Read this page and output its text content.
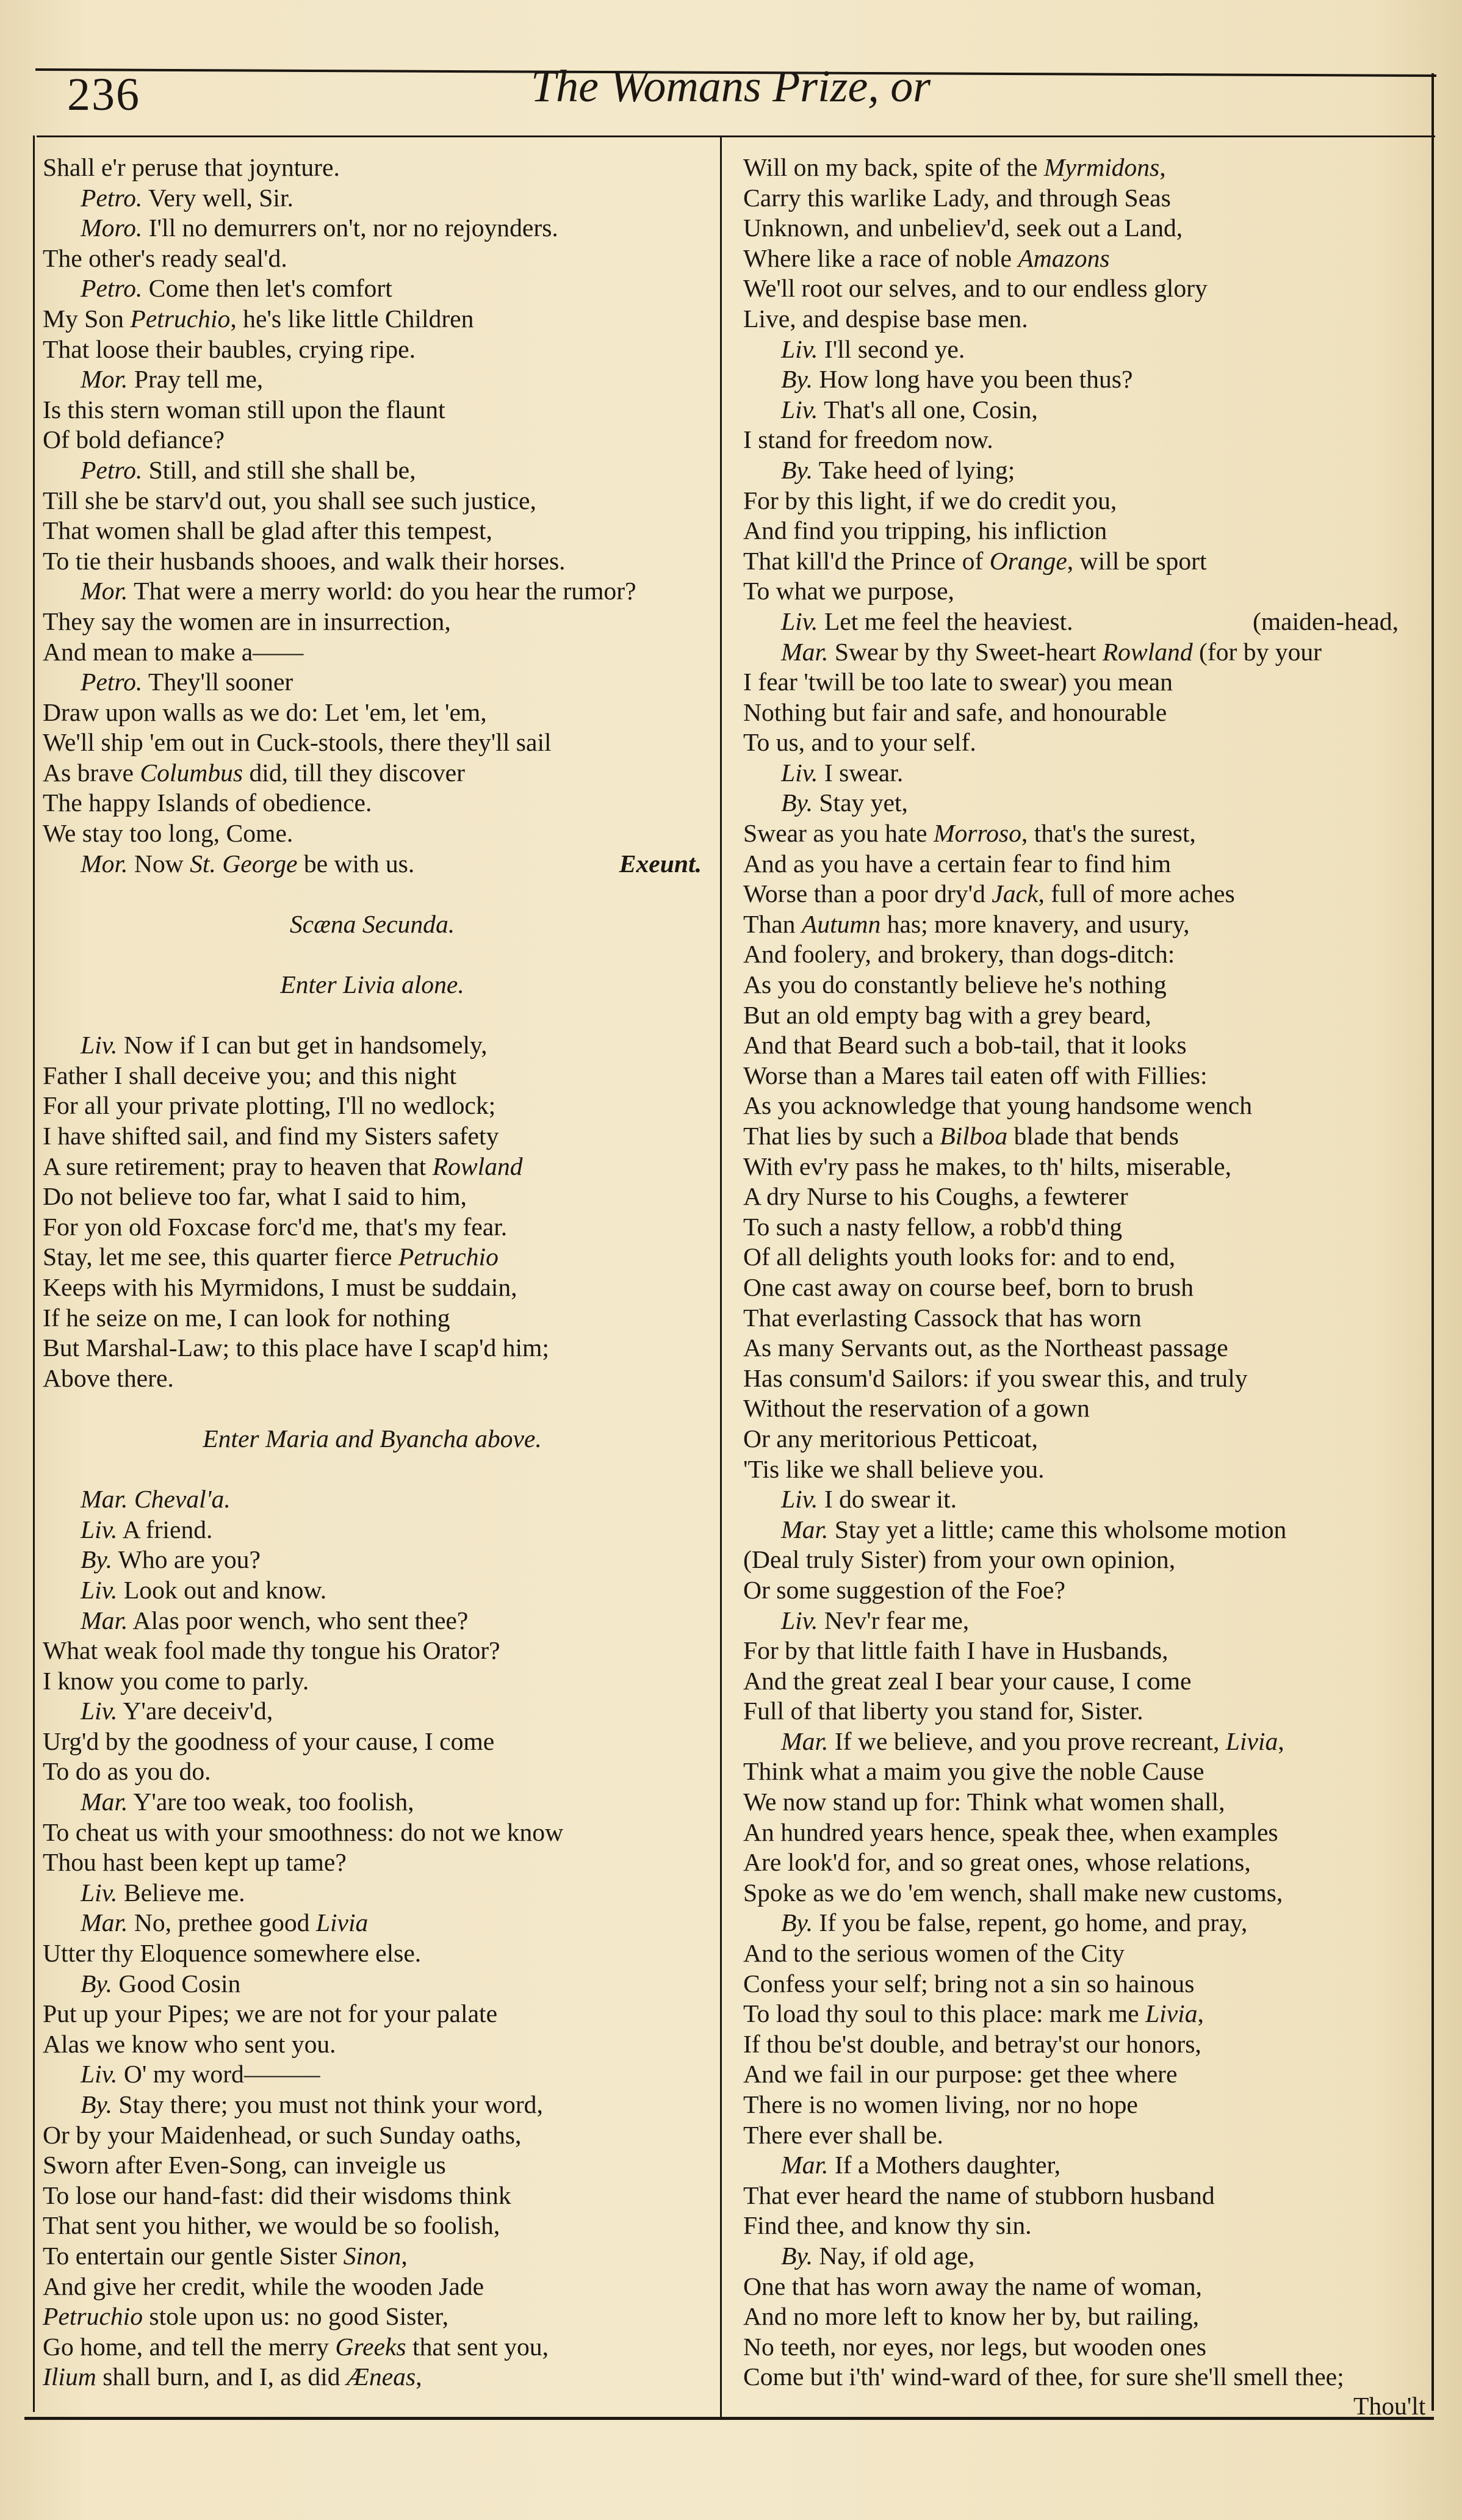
236	The Womans Prize, or
Shall e'r peruse that joynture.
Petro. Very well, Sir.
Moro. I'll no demurrers on't, nor no rejoynders.
The other's ready seal'd.
Petro. Come then let's comfort
My Son Petruchio, he's like little Children
That loose their baubles, crying ripe.
Mor. Pray tell me,
Is this stern woman still upon the flaunt
Of bold defiance?
Petro. Still, and still she shall be,
Till she be starv'd out, you shall see such justice,
That women shall be glad after this tempest,
To tie their husbands shooes, and walk their horses.
Mor. That were a merry world: do you hear the rumor?
They say the women are in insurrection,
And mean to make a——
Petro. They'll sooner
Draw upon walls as we do: Let 'em, let 'em,
We'll ship 'em out in Cuck-stools, there they'll sail
As brave Columbus did, till they discover
The happy Islands of obedience.
We stay too long, Come.
Mor. Now St. George be with us.	Exeunt.
Scæna Secunda.
Enter Livia alone.
Liv. Now if I can but get in handsomely,
Father I shall deceive you; and this night
For all your private plotting, I'll no wedlock;
I have shifted sail, and find my Sisters safety
A sure retirement; pray to heaven that Rowland
Do not believe too far, what I said to him,
For yon old Foxcase forc'd me, that's my fear.
Stay, let me see, this quarter fierce Petruchio
Keeps with his Myrmidons, I must be suddain,
If he seize on me, I can look for nothing
But Marshal-Law; to this place have I scap'd him;
Above there.
Enter Maria and Byancha above.
Mar. Cheval'a.
Liv. A friend.
By. Who are you?
Liv. Look out and know.
Mar. Alas poor wench, who sent thee?
What weak fool made thy tongue his Orator?
I know you come to parly.
Liv. Y'are deceiv'd,
Urg'd by the goodness of your cause, I come
To do as you do.
Mar. Y'are too weak, too foolish,
To cheat us with your smoothness: do not we know
Thou hast been kept up tame?
Liv. Believe me.
Mar. No, prethee good Livia
Utter thy Eloquence somewhere else.
By. Good Cosin
Put up your Pipes; we are not for your palate
Alas we know who sent you.
Liv. O' my word———
By. Stay there; you must not think your word,
Or by your Maidenhead, or such Sunday oaths,
Sworn after Even-Song, can inveigle us
To lose our hand-fast: did their wisdoms think
That sent you hither, we would be so foolish,
To entertain our gentle Sister Sinon,
And give her credit, while the wooden Jade
Petruchio stole upon us: no good Sister,
Go home, and tell the merry Greeks that sent you,
Ilium shall burn, and I, as did Æneas,
Will on my back, spite of the Myrmidons,
Carry this warlike Lady, and through Seas
Unknown, and unbeliev'd, seek out a Land,
Where like a race of noble Amazons
We'll root our selves, and to our endless glory
Live, and despise base men.
Liv. I'll second ye.
By. How long have you been thus?
Liv. That's all one, Cosin,
I stand for freedom now.
By. Take heed of lying;
For by this light, if we do credit you,
And find you tripping, his infliction
That kill'd the Prince of Orange, will be sport
To what we purpose,
Liv. Let me feel the heaviest.	(maiden-head,
Mar. Swear by thy Sweet-heart Rowland (for by your
I fear 'twill be too late to swear) you mean
Nothing but fair and safe, and honourable
To us, and to your self.
Liv. I swear.
By. Stay yet,
Swear as you hate Morroso, that's the surest,
And as you have a certain fear to find him
Worse than a poor dry'd Jack, full of more aches
Than Autumn has; more knavery, and usury,
And foolery, and brokery, than dogs-ditch:
As you do constantly believe he's nothing
But an old empty bag with a grey beard,
And that Beard such a bob-tail, that it looks
Worse than a Mares tail eaten off with Fillies:
As you acknowledge that young handsome wench
That lies by such a Bilboa blade that bends
With ev'ry pass he makes, to th' hilts, miserable,
A dry Nurse to his Coughs, a fewterer
To such a nasty fellow, a robb'd thing
Of all delights youth looks for: and to end,
One cast away on course beef, born to brush
That everlasting Cassock that has worn
As many Servants out, as the Northeast passage
Has consum'd Sailors: if you swear this, and truly
Without the reservation of a gown
Or any meritorious Petticoat,
'Tis like we shall believe you.
Liv. I do swear it.
Mar. Stay yet a little; came this wholsome motion
(Deal truly Sister) from your own opinion,
Or some suggestion of the Foe?
Liv. Nev'r fear me,
For by that little faith I have in Husbands,
And the great zeal I bear your cause, I come
Full of that liberty you stand for, Sister.
Mar. If we believe, and you prove recreant, Livia,
Think what a maim you give the noble Cause
We now stand up for: Think what women shall,
An hundred years hence, speak thee, when examples
Are look'd for, and so great ones, whose relations,
Spoke as we do 'em wench, shall make new customs,
By. If you be false, repent, go home, and pray,
And to the serious women of the City
Confess your self; bring not a sin so hainous
To load thy soul to this place: mark me Livia,
If thou be'st double, and betray'st our honors,
And we fail in our purpose: get thee where
There is no women living, nor no hope
There ever shall be.
Mar. If a Mothers daughter,
That ever heard the name of stubborn husband
Find thee, and know thy sin.
By. Nay, if old age,
One that has worn away the name of woman,
And no more left to know her by, but railing,
No teeth, nor eyes, nor legs, but wooden ones
Come but i'th' wind-ward of thee, for sure she'll smell thee;
Thou'lt
